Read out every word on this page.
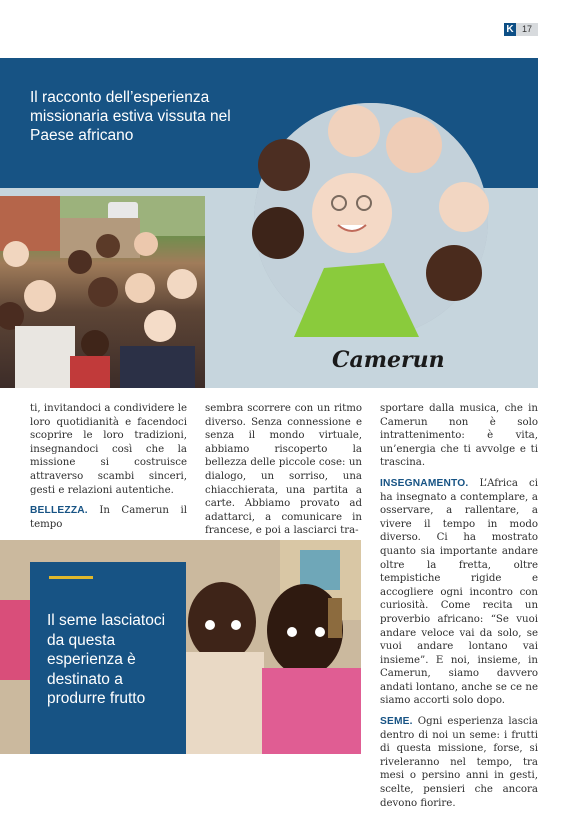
K 17
Il racconto dell’esperienza missionaria estiva vissuta nel Paese africano
Camerun

ti, invitandoci a condividere le loro quotidianità e facendoci scoprire le loro tradizioni, insegnandoci così che la missione si costruisce attraverso scambi sinceri, gesti e relazioni autentiche.

BELLEZZA. In Camerun il tempo

sembra scorrere con un ritmo diverso. Senza connessione e senza il mondo virtuale, abbiamo riscoperto la bellezza delle piccole cose: un dialogo, un sorriso, una chiacchierata, una partita a carte. Abbiamo provato ad adattarci, a comunicare in francese, e poi a lasciarci tra-

sportare dalla musica, che in Camerun non è solo intrattenimento: è vita, un’energia che ti avvolge e ti trascina.

INSEGNAMENTO. L’Africa ci ha insegnato a contemplare, a osservare, a rallentare, a vivere il tempo in modo diverso. Ci ha mostrato quanto sia importante andare oltre la fretta, oltre tempistiche rigide e accogliere ogni incontro con curiosità. Come recita un proverbio africano: “Se vuoi andare veloce vai da solo, se vuoi andare lontano vai insieme”. E noi, insieme, in Camerun, siamo davvero andati lontano, anche se ce ne siamo accorti solo dopo.

SEME. Ogni esperienza lascia dentro di noi un seme: i frutti di questa missione, forse, si riveleranno nel tempo, tra mesi o persino anni in gesti, scelte, pensieri che ancora devono fiorire.

Il seme lasciatoci da questa esperienza è destinato a produrre frutto
